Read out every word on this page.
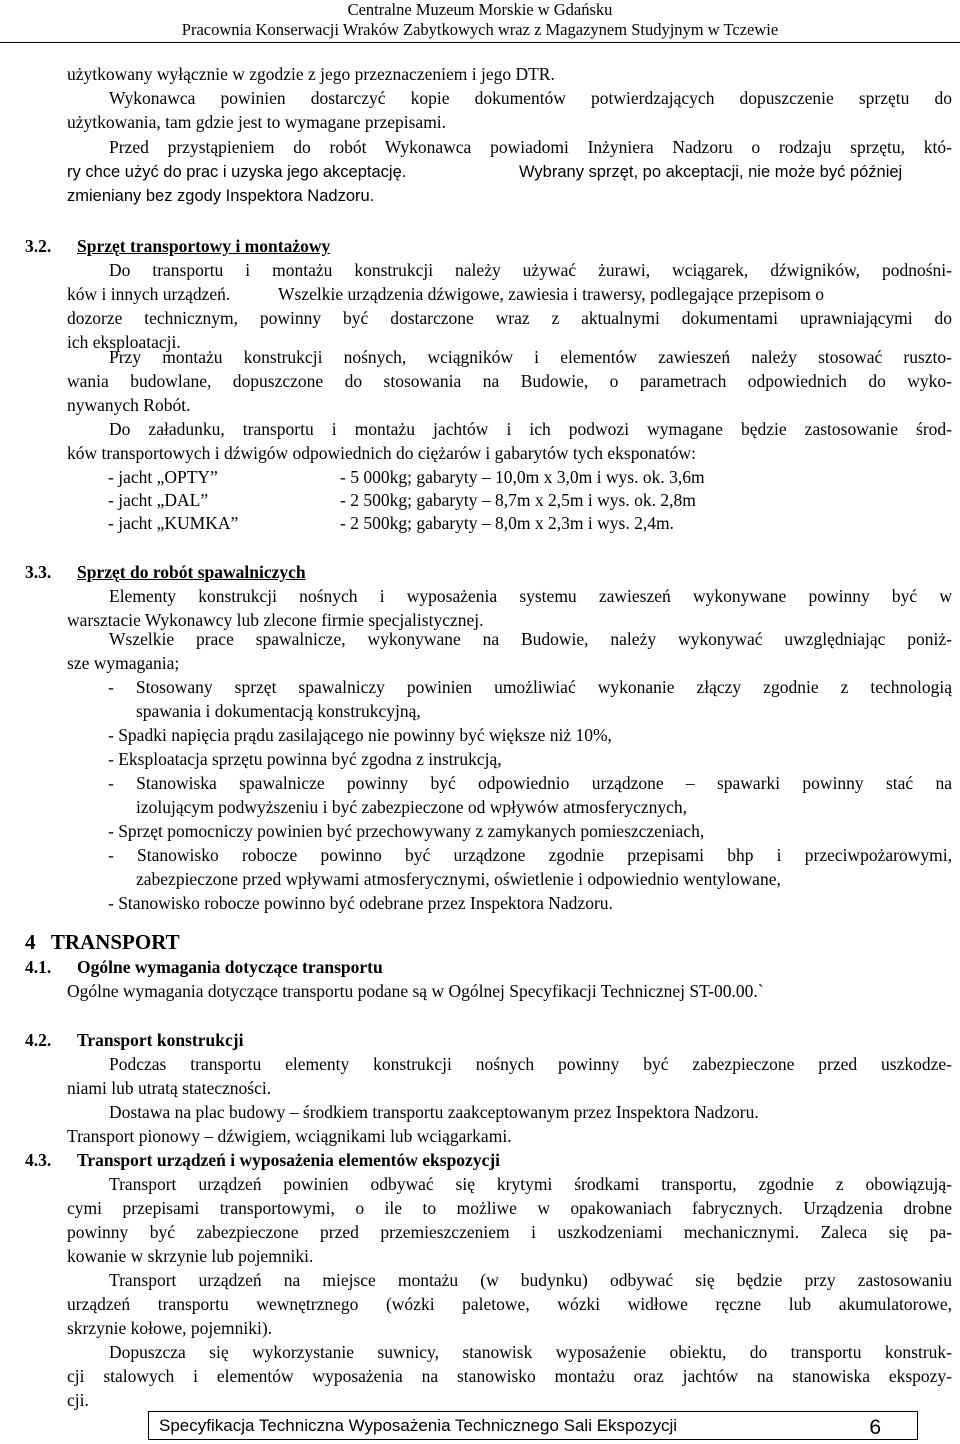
Centralne Muzeum Morskie w Gdańsku
Pracownia Konserwacji Wraków Zabytkowych wraz z Magazynem Studyjnym w Tczewie
użytkowany wyłącznie w zgodzie z jego przeznaczeniem i jego DTR.
Wykonawca powinien dostarczyć kopie dokumentów potwierdzających dopuszczenie sprzętu do
użytkowania, tam gdzie jest to wymagane przepisami.
Przed przystąpieniem do robót Wykonawca powiadomi Inżyniera Nadzoru o rodzaju sprzętu, któ-
ry chce użyć do prac i uzyska jego akceptację.	Wybrany sprzęt, po akceptacji, nie może być później
zmieniany bez zgody Inspektora Nadzoru.
3.2. Sprzęt transportowy i montażowy
Do transportu i montażu konstrukcji należy używać żurawi, wciągarek, dźwigników, podnośni-
ków i innych urządzeń.	Wszelkie urządzenia dźwigowe, zawiesia i trawersy, podlegające przepisom o
dozorze technicznym, powinny być dostarczone wraz z aktualnymi dokumentami uprawniającymi do
ich eksploatacji.
Przy montażu konstrukcji nośnych, wciągników i elementów zawieszeń należy stosować ruszto-
wania budowlane, dopuszczone do stosowania na Budowie, o parametrach odpowiednich do wyko-
nywanych Robót.
Do załadunku, transportu i montażu jachtów i ich podwozi wymagane będzie zastosowanie środ-
ków transportowych i dźwigów odpowiednich do ciężarów i gabarytów tych eksponatów:
- jacht „OPTY”	- 5 000kg; gabaryty – 10,0m x 3,0m i wys. ok. 3,6m
- jacht „DAL”	- 2 500kg; gabaryty – 8,7m x 2,5m i wys. ok. 2,8m
- jacht „KUMKA”	- 2 500kg; gabaryty – 8,0m x 2,3m i wys. 2,4m.
3.3. Sprzęt do robót spawalniczych
Elementy konstrukcji nośnych i wyposażenia systemu zawieszeń wykonywane powinny być w
warsztacie Wykonawcy lub zlecone firmie specjalistycznej.
Wszelkie prace spawalnicze, wykonywane na Budowie, należy wykonywać uwzględniając poniż-
sze wymagania;
- Stosowany sprzęt spawalniczy powinien umożliwiać wykonanie złączy zgodnie z technologią
spawania i dokumentacją konstrukcyjną,
- Spadki napięcia prądu zasilającego nie powinny być większe niż 10%,
- Eksploatacja sprzętu powinna być zgodna z instrukcją,
- Stanowiska spawalnicze powinny być odpowiednio urządzone – spawarki powinny stać na
izolującym podwyższeniu i być zabezpieczone od wpływów atmosferycznych,
- Sprzęt pomocniczy powinien być przechowywany z zamykanych pomieszczeniach,
- Stanowisko robocze powinno być urządzone zgodnie przepisami bhp i przeciwpożarowymi,
zabezpieczone przed wpływami atmosferycznymi, oświetlenie i odpowiednio wentylowane,
- Stanowisko robocze powinno być odebrane przez Inspektora Nadzoru.
4   TRANSPORT
4.1. Ogólne wymagania dotyczące transportu
Ogólne wymagania dotyczące transportu podane są w Ogólnej Specyfikacji Technicznej ST-00.00.`
4.2. Transport konstrukcji
Podczas transportu elementy konstrukcji nośnych powinny być zabezpieczone przed uszkodze-
niami lub utratą stateczności.
Dostawa na plac budowy – środkiem transportu zaakceptowanym przez Inspektora Nadzoru.
Transport pionowy – dźwigiem, wciągnikami lub wciągarkami.
4.3. Transport urządzeń i wyposażenia elementów ekspozycji
Transport urządzeń powinien odbywać się krytymi środkami transportu, zgodnie z obowiązują-
cymi przepisami transportowymi, o ile to możliwe w opakowaniach fabrycznych. Urządzenia drobne
powinny być zabezpieczone przed przemieszczeniem i uszkodzeniami mechanicznymi. Zaleca się pa-
kowanie w skrzynie lub pojemniki.
Transport urządzeń na miejsce montażu (w budynku) odbywać się będzie przy zastosowaniu
urządzeń transportu wewnętrznego (wózki paletowe, wózki widłowe ręczne lub akumulatorowe,
skrzynie kołowe, pojemniki).
Dopuszcza się wykorzystanie suwnicy, stanowisk wyposażenie obiektu, do transportu konstruk-
cji stalowych i elementów wyposażenia na stanowisko montażu oraz jachtów na stanowiska ekspozy-
cji.
Specyfikacja Techniczna Wyposażenia Technicznego Sali Ekspozycji	6
